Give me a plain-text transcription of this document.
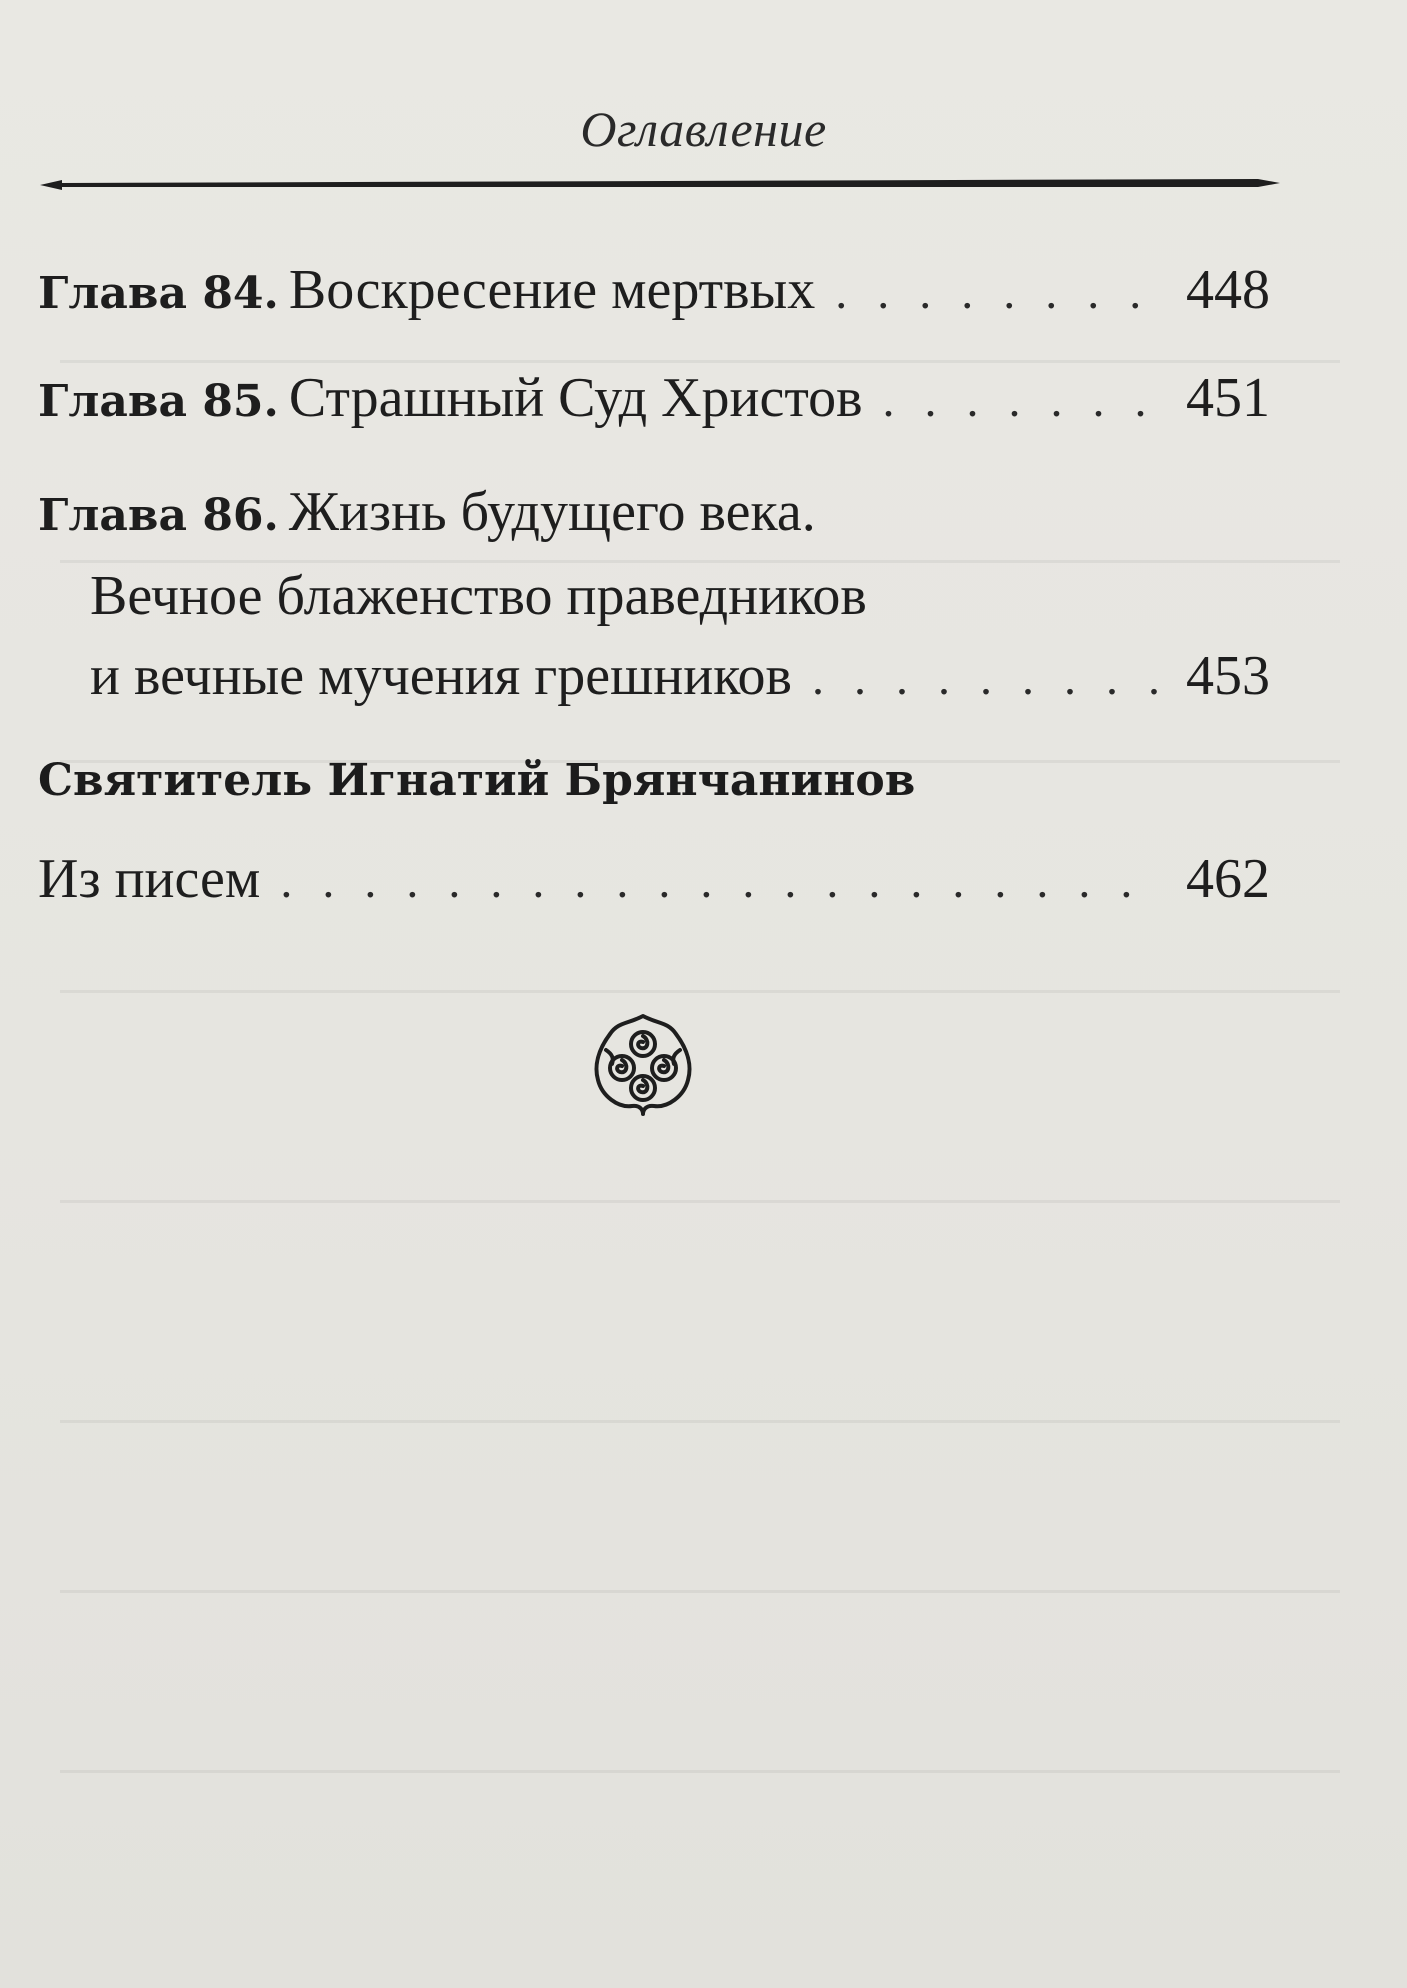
Оглавление
Глава 84. Воскресение мертвых . . .	448
Глава 85. Страшный Суд Христов . . .	451
Глава 86. Жизнь будущего века.
Вечное блаженство праведников
и вечные мучения грешников . . .	453
Святитель Игнатий Брянчанинов
Из писем . . .	462
